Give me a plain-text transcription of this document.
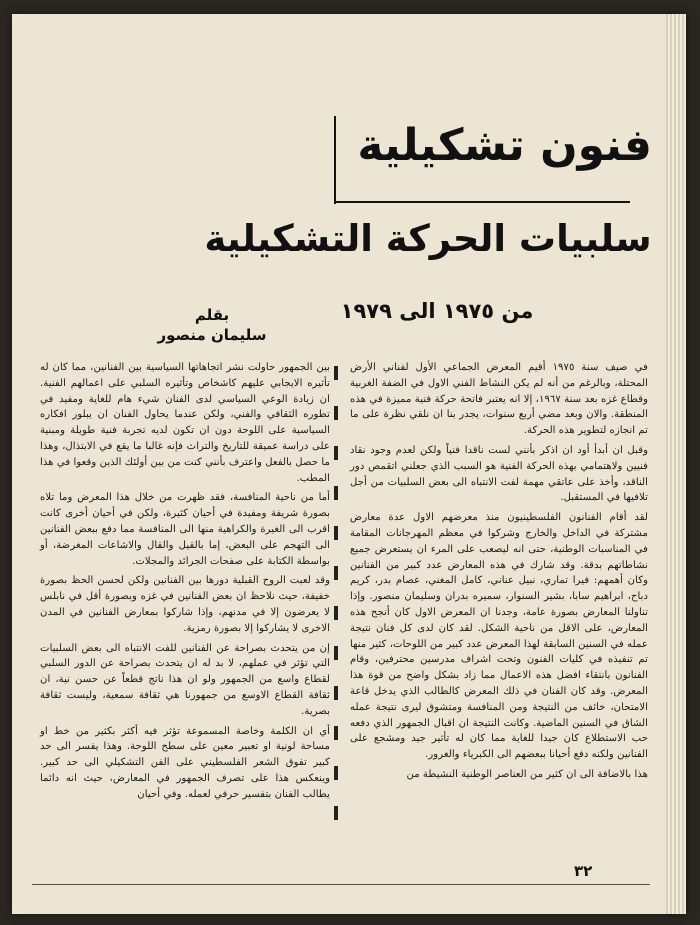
فنون تشكيلية
سلبيات الحركة التشكيلية
من ١٩٧٥ الى ١٩٧٩
بقلم
سليمان منصور

في صيف سنة ١٩٧٥ أقيم المعرض الجماعي الأول لفناني الأرض المحتلة، وبالرغم من أنه لم يكن النشاط الفني الاول في الضفة الغربية وقطاع غزه بعد سنة ١٩٦٧، إلا انه يعتبر فاتحة حركة فنية مميزة في هذه المنطقة. والان وبعد مضي أربع سنوات، يجدر بنا ان نلقي نظرة على ما تم انجازه لتطوير هذه الحركة.

وقبل ان أبدأ أود ان اذكر بأنني لست ناقدا فنياً ولكن لعدم وجود نقاد فنيين ولاهتمامي بهذه الحركة الفنية هو السبب الذي جعلني اتقمص دور الناقد، وأخذ على عاتقي مهمة لفت الانتباه الى بعض السلبيات من أجل تلافيها في المستقبل.

لقد أقام الفنانون الفلسطينيون منذ معرضهم الاول عدة معارض مشتركة في الداخل والخارج وشركوا في معظم المهرجانات المقامة في المناسبات الوطنية، حتى انه ليصعب على المرء ان يستعرض جميع نشاطاتهم بدقة. وقد شارك في هذه المعارض عدد كبير من الفنانين وكان أهمهم: فيرا تماري، نبيل عناني، كامل المغني، عصام بدر، كريم دباح، ابراهيم سابا، بشير السنوار، سميره بدران وسليمان منصور. وإذا تناولنا المعارض بصورة عامة، وجدنا ان المعرض الاول كان أنجح هذه المعارض، على الاقل من ناحية الشكل. لقد كان لدى كل فنان نتيجة عمله في السنين السابقة لهذا المعرض عدد كبير من اللوحات، كثير منها تم تنفيذه في كليات الفنون وتحت اشراف مدرسين محترفين، وقام الفنانون بانتقاء افضل هذه الاعمال مما زاد بشكل واضح من قوة هذا المعرض. وقد كان الفنان في ذلك المعرض كالطالب الذي يدخل قاعة الامتحان، خائف من النتيجة ومن المنافسة ومتشوق ليرى نتيجة عمله الشاق في السنين الماضية. وكانت النتيجة ان اقبال الجمهور الذي دفعه حب الاستطلاع كان جيدا للغاية مما كان له تأثير جيد ومشجع على الفنانين ولكنه دفع أحيانا ببعضهم الى الكبرياء والغرور.

هذا بالاضافة الى ان كثير من العناصر الوطنية النشيطة من

بين الجمهور حاولت نشر اتجاهاتها السياسية بين الفنانين، مما كان له تأثيره الايجابي عليهم كاشخاص وتأثيره السلبي على اعمالهم الفنية. ان زيادة الوعي السياسي لدى الفنان شيء هام للغاية ومفيد في تطوره الثقافي والفني، ولكن عندما يحاول الفنان ان يبلور افكاره السياسية على اللوحة دون ان تكون لديه تجربة فنية طويلة ومبنية على دراسة عميقة للتاريخ والتراث فإنه غالبا ما يقع في الابتذال، وهذا ما حصل بالفعل واعترف بأنني كنت من بين أولئك الذين وقعوا في هذا المطب.

أما من ناحية المنافسة، فقد ظهرت من خلال هذا المعرض وما تلاه بصورة شريفة ومفيدة في أحيان كثيرة، ولكن في أحيان أخرى كانت اقرب الى الغيرة والكراهية منها الى المنافسة مما دفع ببعض الفنانين الى التهجم على البعض، إما بالقيل والقال والاشاعات المغرضة، أو بواسطة الكتابة على صفحات الجرائد والمجلات.

وقد لعبت الروح القبلية دورها بين الفنانين ولكن لحسن الحظ بصورة خفيفة، حيث نلاحظ ان بعض الفنانين في غزه وبصورة أقل في نابلس لا يعرضون إلا في مدنهم، وإذا شاركوا بمعارض الفنانين في المدن الاخرى لا يشاركوا إلا بصورة رمزية.

إن من يتحدث بصراحة عن الفنانين للفت الانتباه الى بعض السلبيات التي تؤثر في عملهم، لا بد له ان يتحدث بصراحة عن الدور السلبي لقطاع واسع من الجمهور ولو ان هذا ناتج قطعاً عن حسن نية، ان ثقافة القطاع الاوسع من جمهورنا هي ثقافة سمعية، وليست ثقافة بصرية.

أي ان الكلمة وخاصة المسموعة تؤثر فيه أكثر بكثير من خط او مساحة لونية او تعبير معين على سطح اللوحة. وهذا يفسر الى حد كبير تفوق الشعر الفلسطيني على الفن التشكيلي الى حد كبير. وينعكس هذا على تصرف الجمهور في المعارض، حيث انه دائما يطالب الفنان بتفسير حرفي لعمله. وفي أحيان

٣٢
